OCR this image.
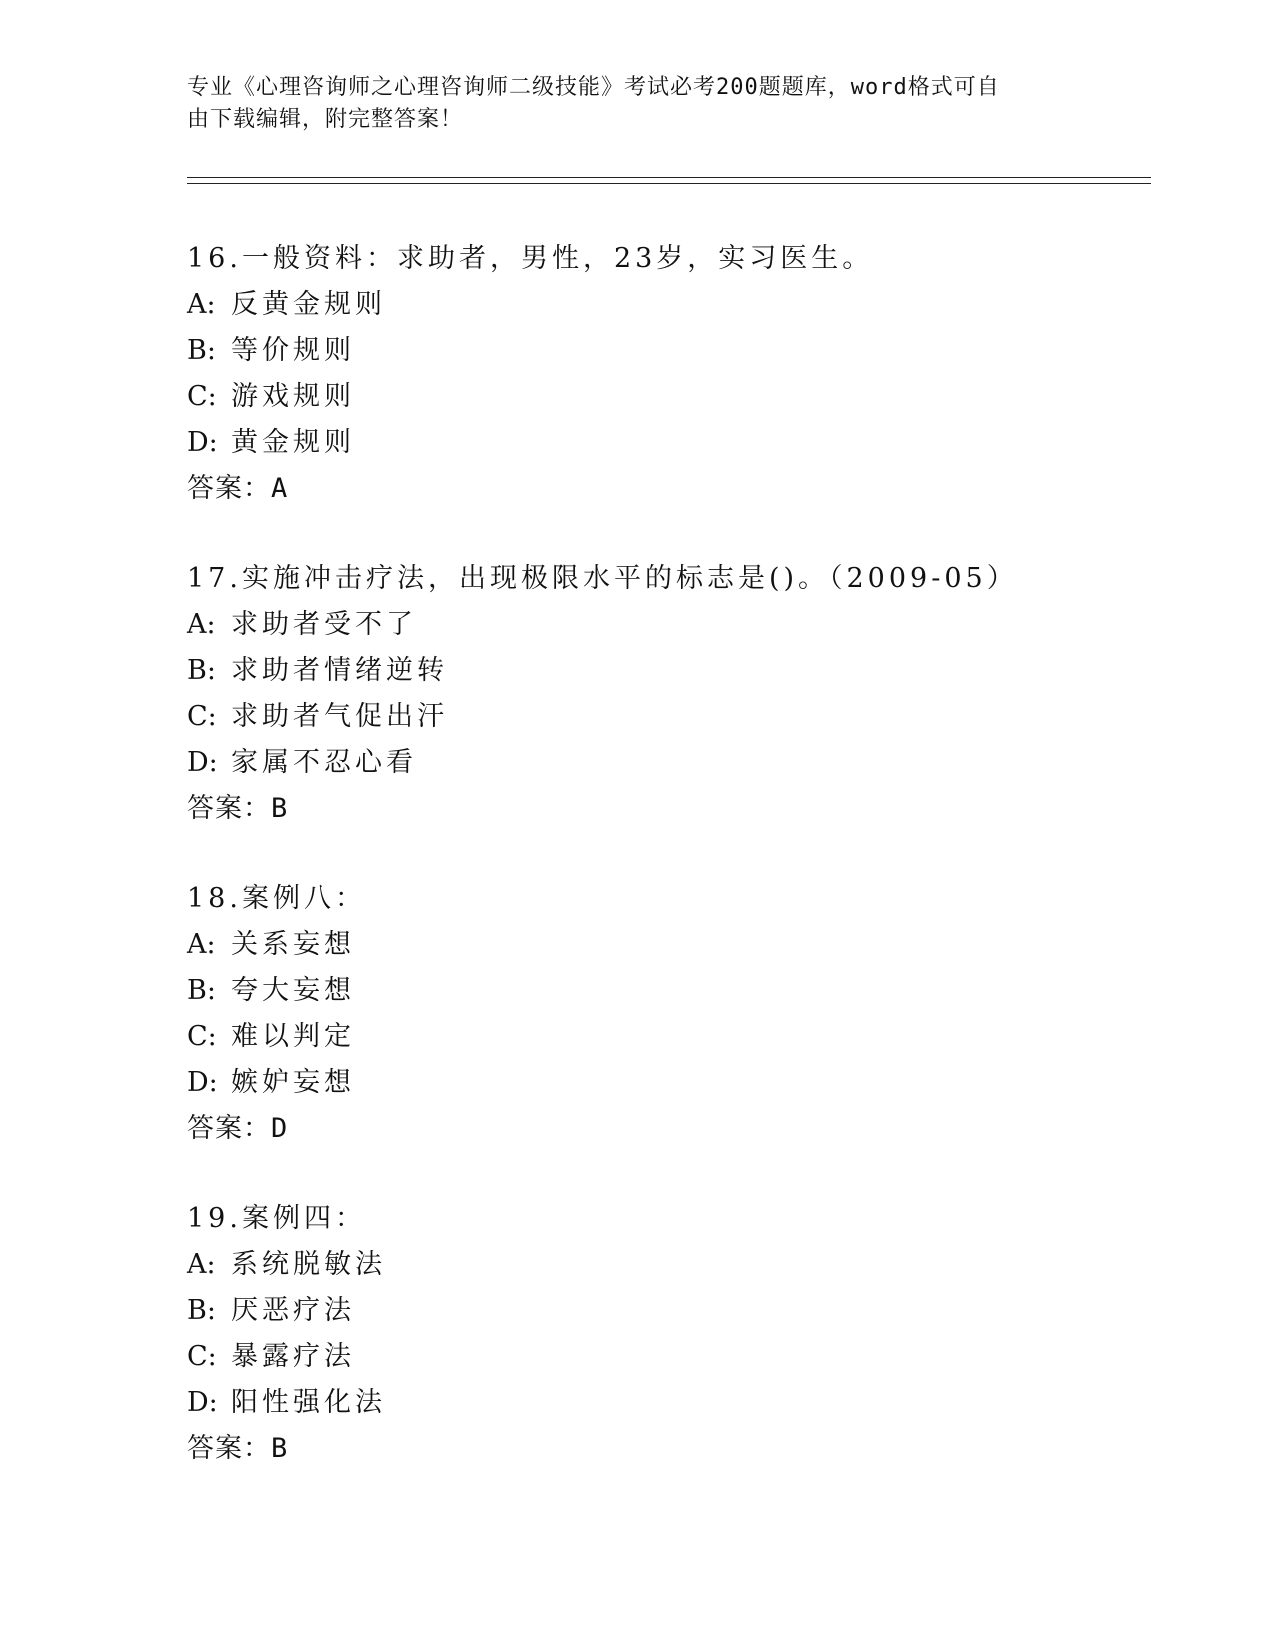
专业《心理咨询师之心理咨询师二级技能》考试必考200题题库，word格式可自

由下载编辑，附完整答案！

16.一般资料：求助者，男性，23岁，实习医生。
A: 反黄金规则
B: 等价规则
C: 游戏规则
D: 黄金规则
答案：A
17.实施冲击疗法，出现极限水平的标志是()。（2009-05）
A: 求助者受不了
B: 求助者情绪逆转
C: 求助者气促出汗
D: 家属不忍心看
答案：B
18.案例八：
A: 关系妄想
B: 夸大妄想
C: 难以判定
D: 嫉妒妄想
答案：D
19.案例四：
A: 系统脱敏法
B: 厌恶疗法
C: 暴露疗法
D: 阳性强化法
答案：B
